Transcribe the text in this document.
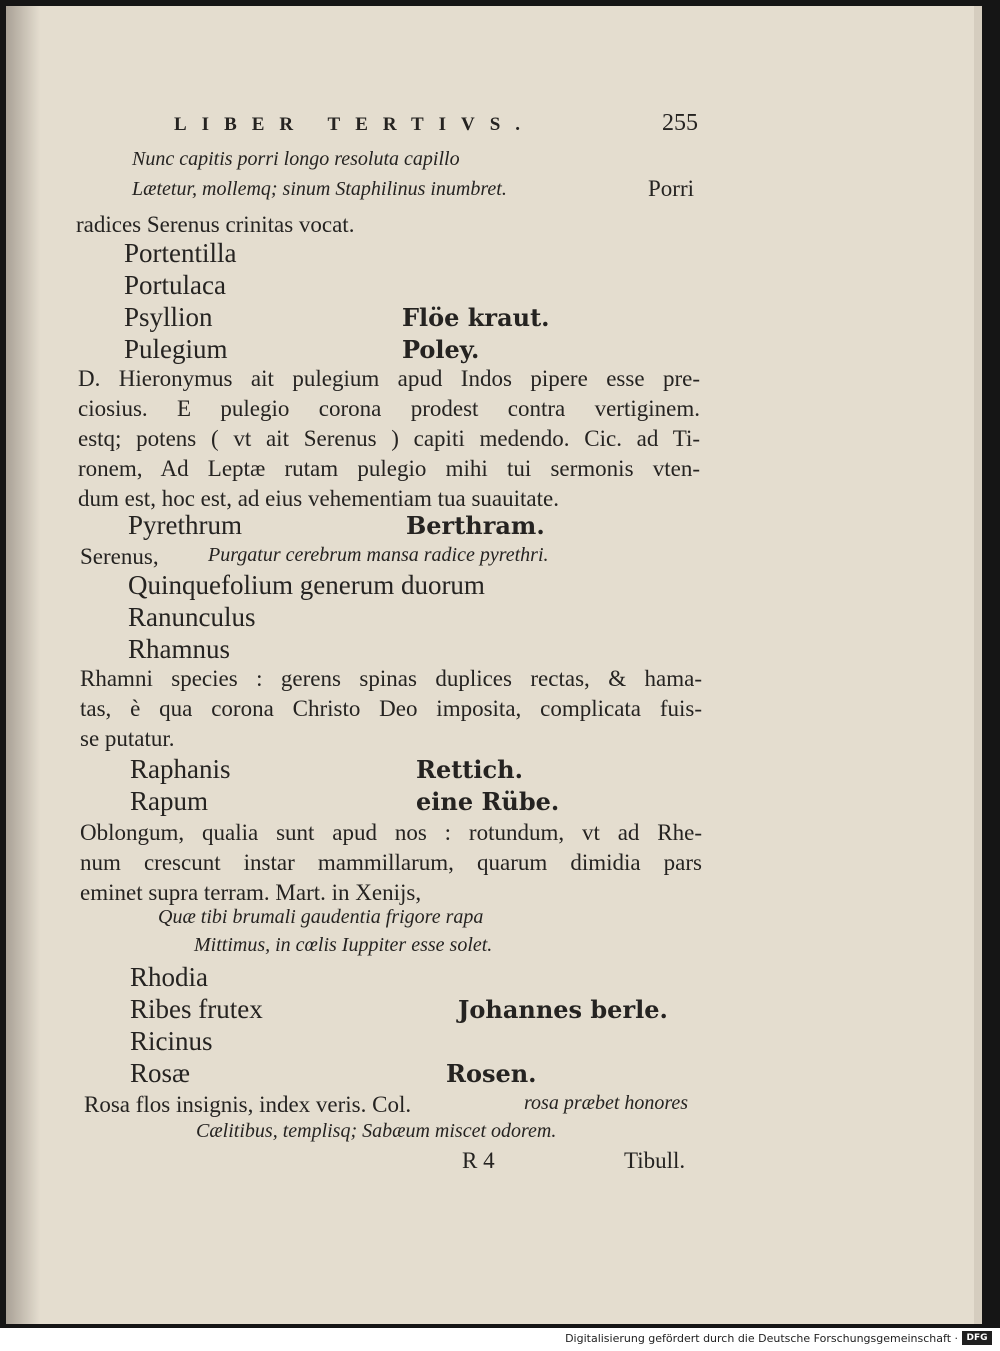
LIBER TERTIVS.	255
Nunc capitis porri longo resoluta capillo
Lætetur, mollemq; sinum Staphilinus inumbret.	Porri
radices Serenus crinitas vocat.
Portentilla
Portulaca
Psyllion	Flöe kraut.
Pulegium	Poley.
D. Hieronymus ait pulegium apud Indos pipere esse pre-
ciosius. E pulegio corona prodest contra vertiginem.
estq; potens ( vt ait Serenus ) capiti medendo. Cic. ad Ti-
ronem, Ad Leptæ rutam pulegio mihi tui sermonis vten-
dum est, hoc est, ad eius vehementiam tua suauitate.
Pyrethrum	Berthram.
Serenus, Purgatur cerebrum mansa radice pyrethri.
Quinquefolium generum duorum
Ranunculus
Rhamnus
Rhamni species : gerens spinas duplices rectas, & hama-
tas, è qua corona Christo Deo imposita, complicata fuis-
se putatur.
Raphanis	Rettich.
Rapum	eine Rübe.
Oblongum, qualia sunt apud nos : rotundum, vt ad Rhe-
num crescunt instar mammillarum, quarum dimidia pars
eminet supra terram. Mart. in Xenijs,
Quæ tibi brumali gaudentia frigore rapa
Mittimus, in cœlis Iuppiter esse solet.
Rhodia
Ribes frutex	Johannes berle.
Ricinus
Rosæ	Rosen.
Rosa flos insignis, index veris. Col.	rosa præbet honores
Cælitibus, templisq; Sabæum miscet odorem.
R 4	Tibull.
Digitalisierung gefördert durch die Deutsche Forschungsgemeinschaft · DFG
